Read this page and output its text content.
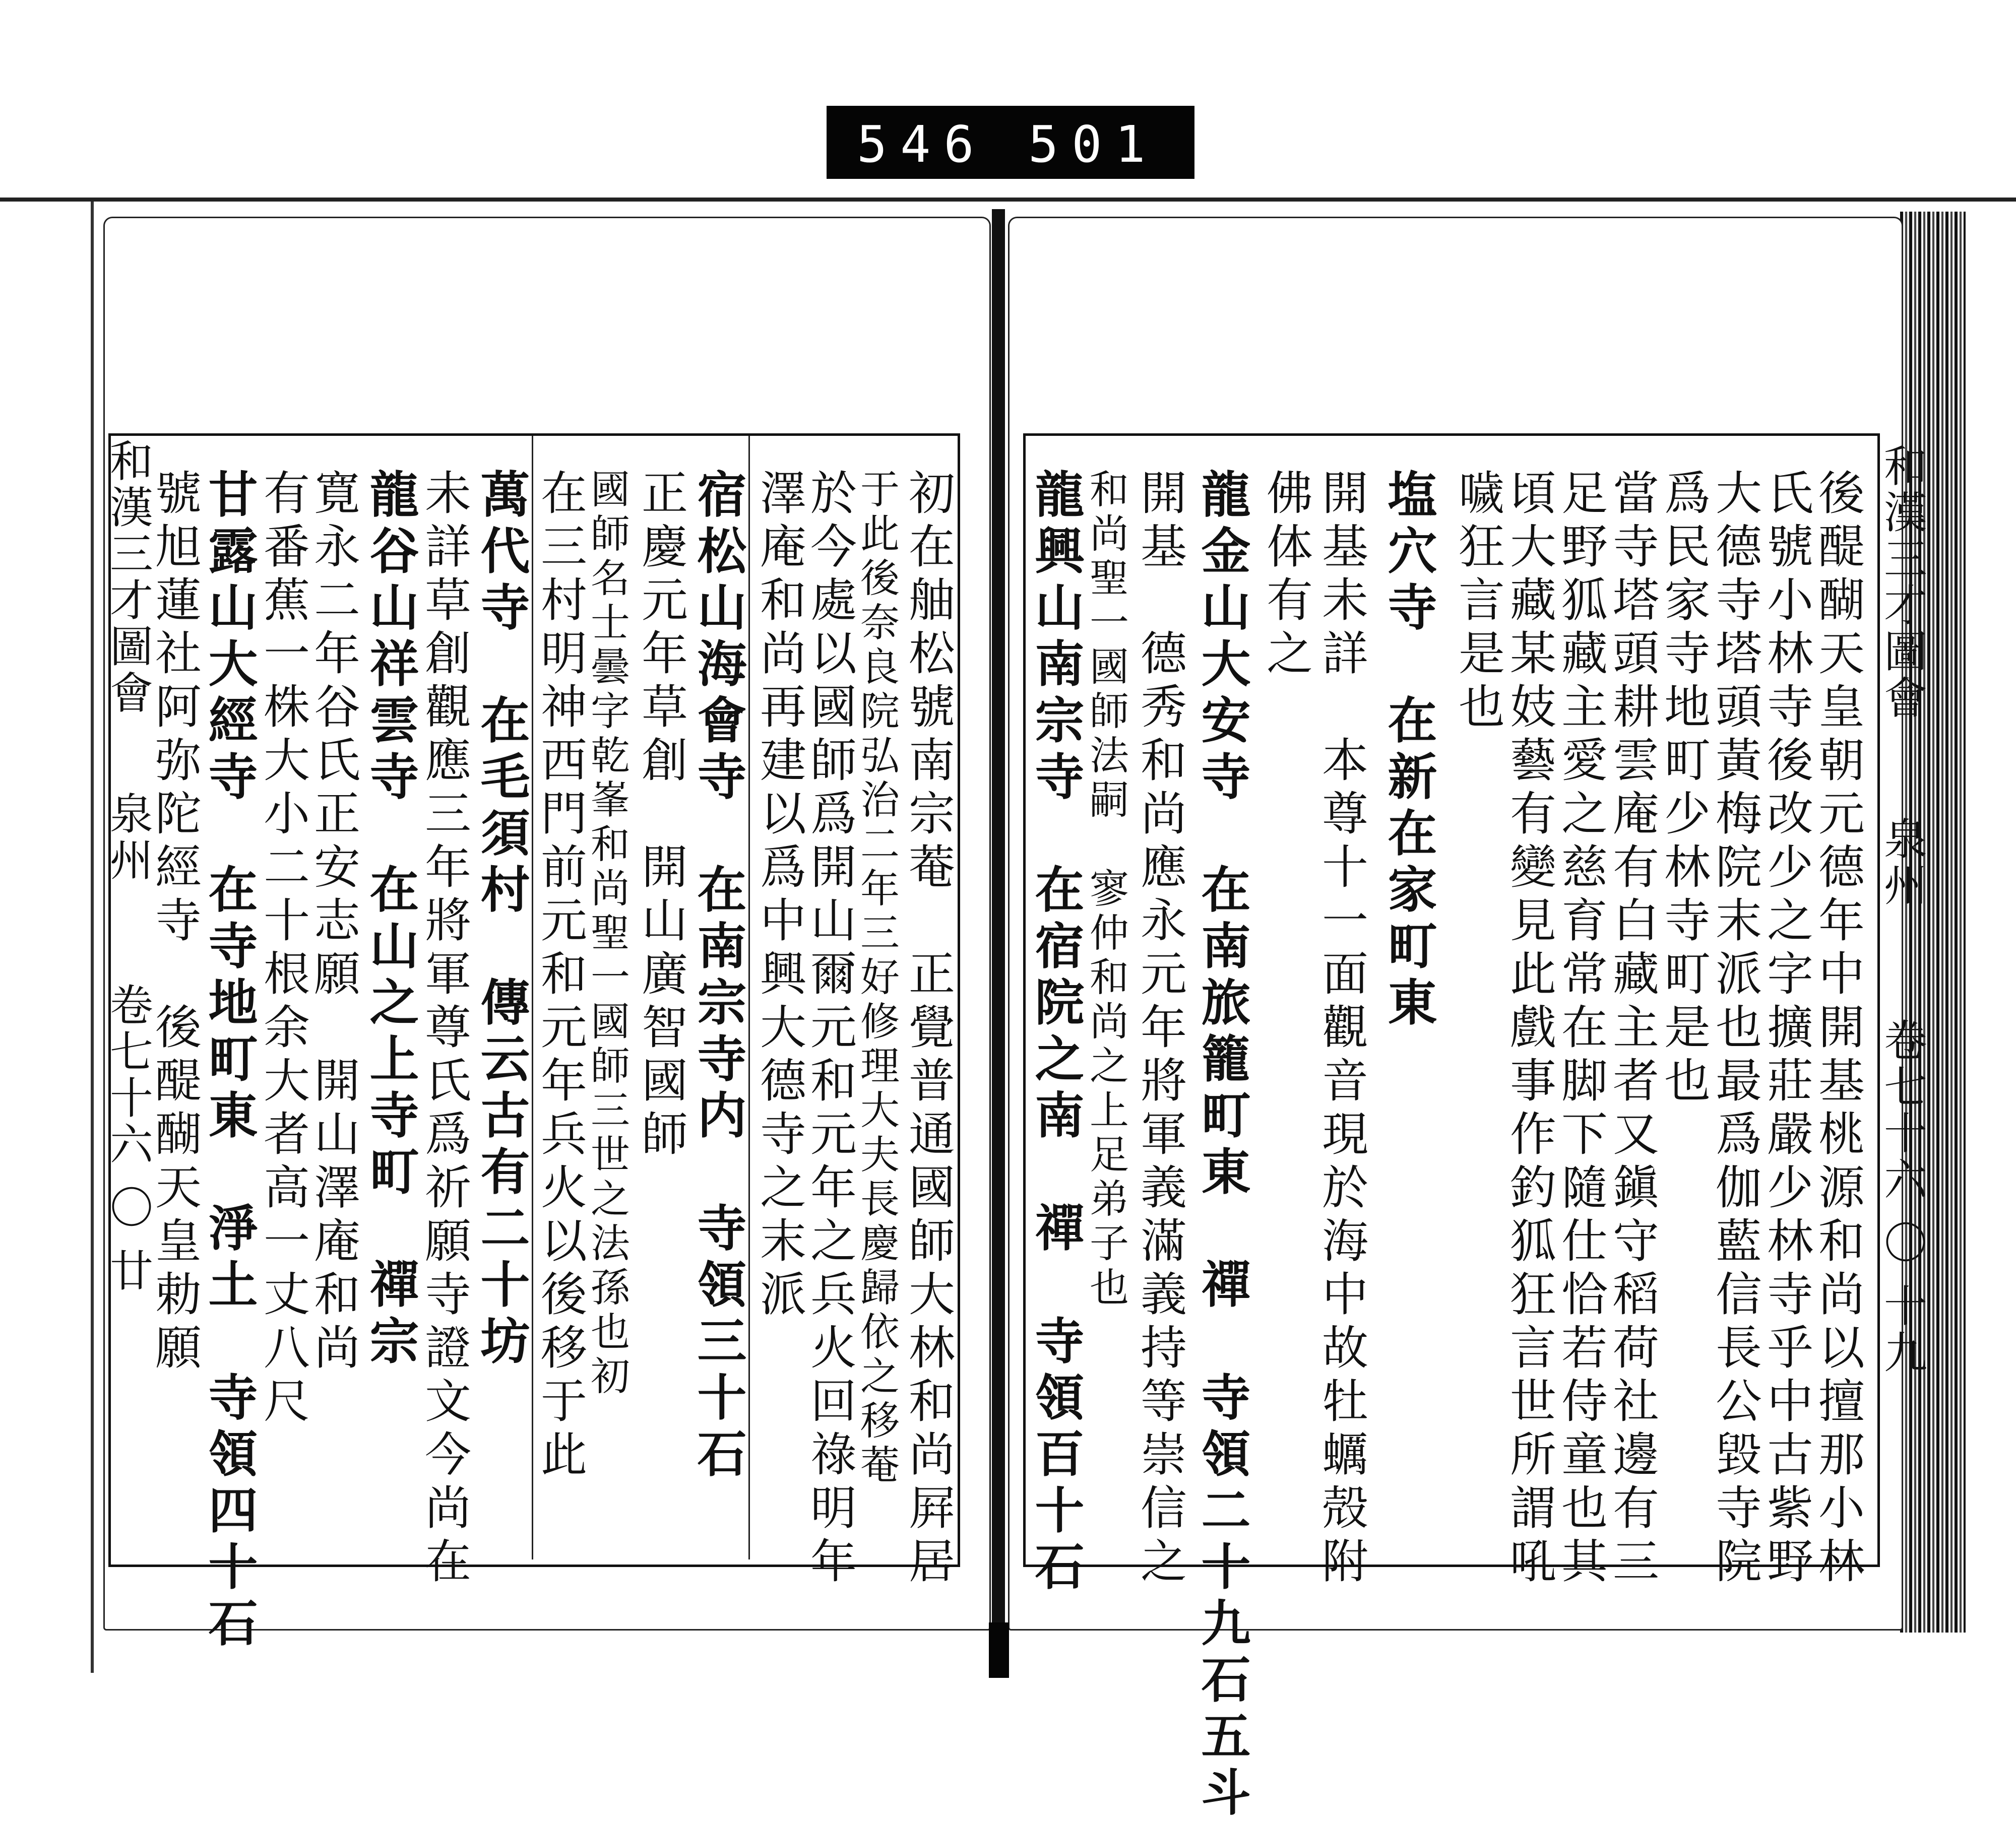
546 501
和漢三才圖會
泉州
卷七十六 〇 十九
和漢三才圖會
泉州
卷七十六 〇 廿	後醍醐天皇朝元德年中開基桃源和尚以擅那小林
氏號小林寺後改少之字擴莊嚴少林寺乎中古紫野
大德寺塔頭黃梅院末派也最爲伽藍信長公毀寺院
爲民家寺地町少林寺町是也
當寺塔頭耕雲庵有白藏主者又鎭守稻荷社邊有三
足野狐藏主愛之慈育常在脚下隨仕恰若侍童也其
頃大藏某妓藝有變見此戲事作釣狐狂言世所謂吼
噦狂言是也
塩穴寺　在新在家町東
開基未詳　本尊十一面觀音現於海中故牡蠣殻附
佛体有之
龍金山大安寺　在南旅籠町東　禪　寺領二十九石五斗
開基　德秀和尚應永元年將軍義滿義持等崇信之
和尚聖一國師法嗣　寥仲和尚之上足弟子也
龍興山南宗寺　在宿院之南　禪　寺領百十石
初在舳松號南宗菴　正覺普通國師大林和尚屛居
于此後奈良院弘治二年三好修理大夫長慶歸依之移菴
於今處以國師爲開山爾元和元年之兵火回祿明年
澤庵和尚再建以爲中興大德寺之末派
宿松山海會寺　在南宗寺内　寺領三十石
正慶元年草創　開山廣智國師
國師名士曇字乾峯和尚聖一國師三世之法孫也初
在三村明神西門前元和元年兵火以後移于此
萬代寺　在毛須村　傳云古有二十坊
未詳草創觀應三年將軍尊氏爲祈願寺證文今尚在
龍谷山祥雲寺　在山之上寺町　禪宗
寛永二年谷氏正安志願　開山澤庵和尚
有番蕉一株大小二十根余大者高一丈八尺
甘露山大經寺　在寺地町東　淨土　寺領四十石
號旭蓮社阿弥陀經寺　後醍醐天皇勅願
